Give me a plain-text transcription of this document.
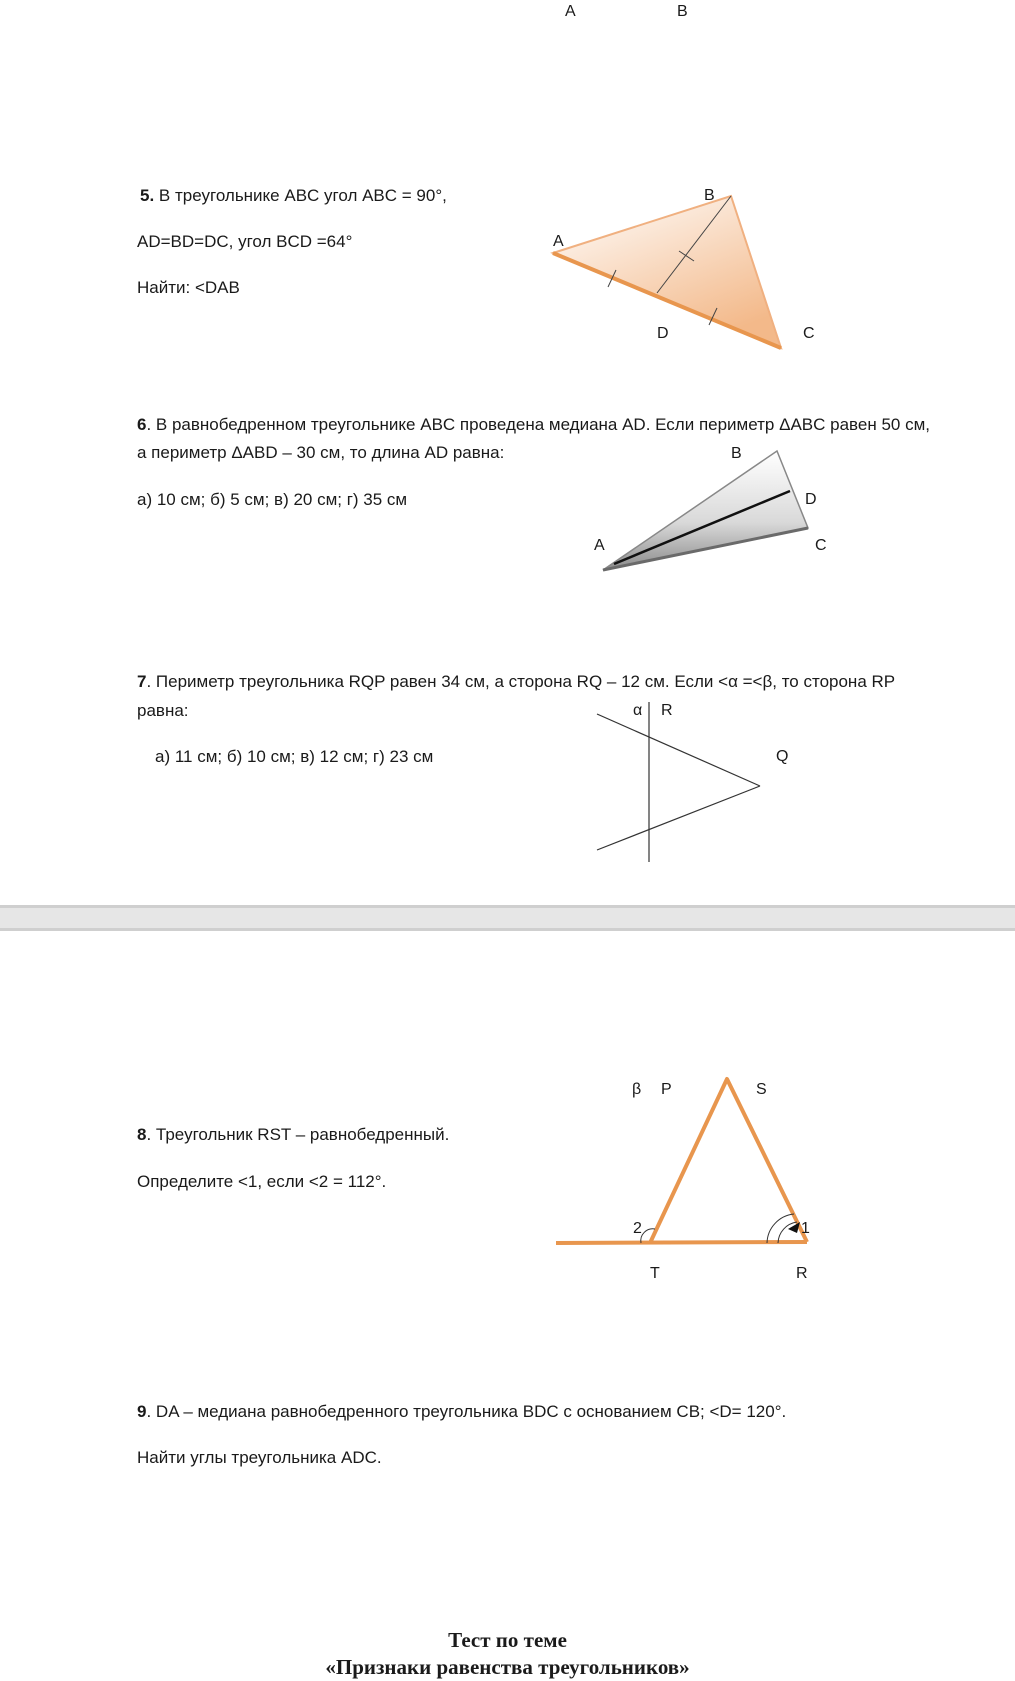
A	B
5. В треугольнике ABC угол ABC = 90°,
AD=BD=DC, угол BCD =64°
Найти: <DAB
A
B
C
D
6. В равнобедренном треугольнике ABC проведена медиана AD. Если периметр ΔABC равен 50 см,
а периметр ΔABD – 30 см, то длина AD равна:
а) 10 см; б) 5 см; в) 20 см; г) 35 см
A
B
C
D
7. Периметр треугольника RQP равен 34 см, а сторона RQ – 12 см. Если <α =<β, то сторона RP
равна:
а) 11 см; б) 10 см; в) 12 см; г) 23 см
α R
Q
8. Треугольник RST – равнобедренный.
Определите <1, если <2 = 112°.
β P	S
2	1
T	R
9. DA – медиана равнобедренного треугольника BDC с основанием CB; <D= 120°.
Найти углы треугольника ADC.
Тест по теме
«Признаки равенства треугольников»
